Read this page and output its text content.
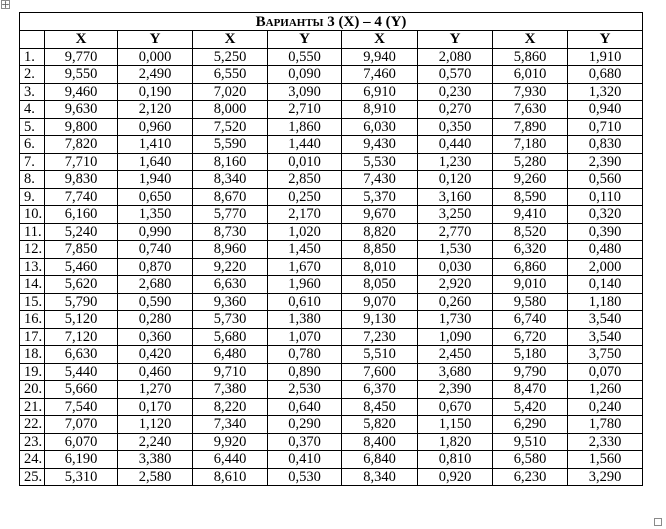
Варианты 3 (X) – 4 (Y)								
	X	Y	X	Y	X	Y	X	Y
1.	9,770	0,000	5,250	0,550	9,940	2,080	5,860	1,910
2.	9,550	2,490	6,550	0,090	7,460	0,570	6,010	0,680
3.	9,460	0,190	7,020	3,090	6,910	0,230	7,930	1,320
4.	9,630	2,120	8,000	2,710	8,910	0,270	7,630	0,940
5.	9,800	0,960	7,520	1,860	6,030	0,350	7,890	0,710
6.	7,820	1,410	5,590	1,440	9,430	0,440	7,180	0,830
7.	7,710	1,640	8,160	0,010	5,530	1,230	5,280	2,390
8.	9,830	1,940	8,340	2,850	7,430	0,120	9,260	0,560
9.	7,740	0,650	8,670	0,250	5,370	3,160	8,590	0,110
10.	6,160	1,350	5,770	2,170	9,670	3,250	9,410	0,320
11.	5,240	0,990	8,730	1,020	8,820	2,770	8,520	0,390
12.	7,850	0,740	8,960	1,450	8,850	1,530	6,320	0,480
13.	5,460	0,870	9,220	1,670	8,010	0,030	6,860	2,000
14.	5,620	2,680	6,630	1,960	8,050	2,920	9,010	0,140
15.	5,790	0,590	9,360	0,610	9,070	0,260	9,580	1,180
16.	5,120	0,280	5,730	1,380	9,130	1,730	6,740	3,540
17.	7,120	0,360	5,680	1,070	7,230	1,090	6,720	3,540
18.	6,630	0,420	6,480	0,780	5,510	2,450	5,180	3,750
19.	5,440	0,460	9,710	0,890	7,600	3,680	9,790	0,070
20.	5,660	1,270	7,380	2,530	6,370	2,390	8,470	1,260
21.	7,540	0,170	8,220	0,640	8,450	0,670	5,420	0,240
22.	7,070	1,120	7,340	0,290	5,820	1,150	6,290	1,780
23.	6,070	2,240	9,920	0,370	8,400	1,820	9,510	2,330
24.	6,190	3,380	6,440	0,410	6,840	0,810	6,580	1,560
25.	5,310	2,580	8,610	0,530	8,340	0,920	6,230	3,290
